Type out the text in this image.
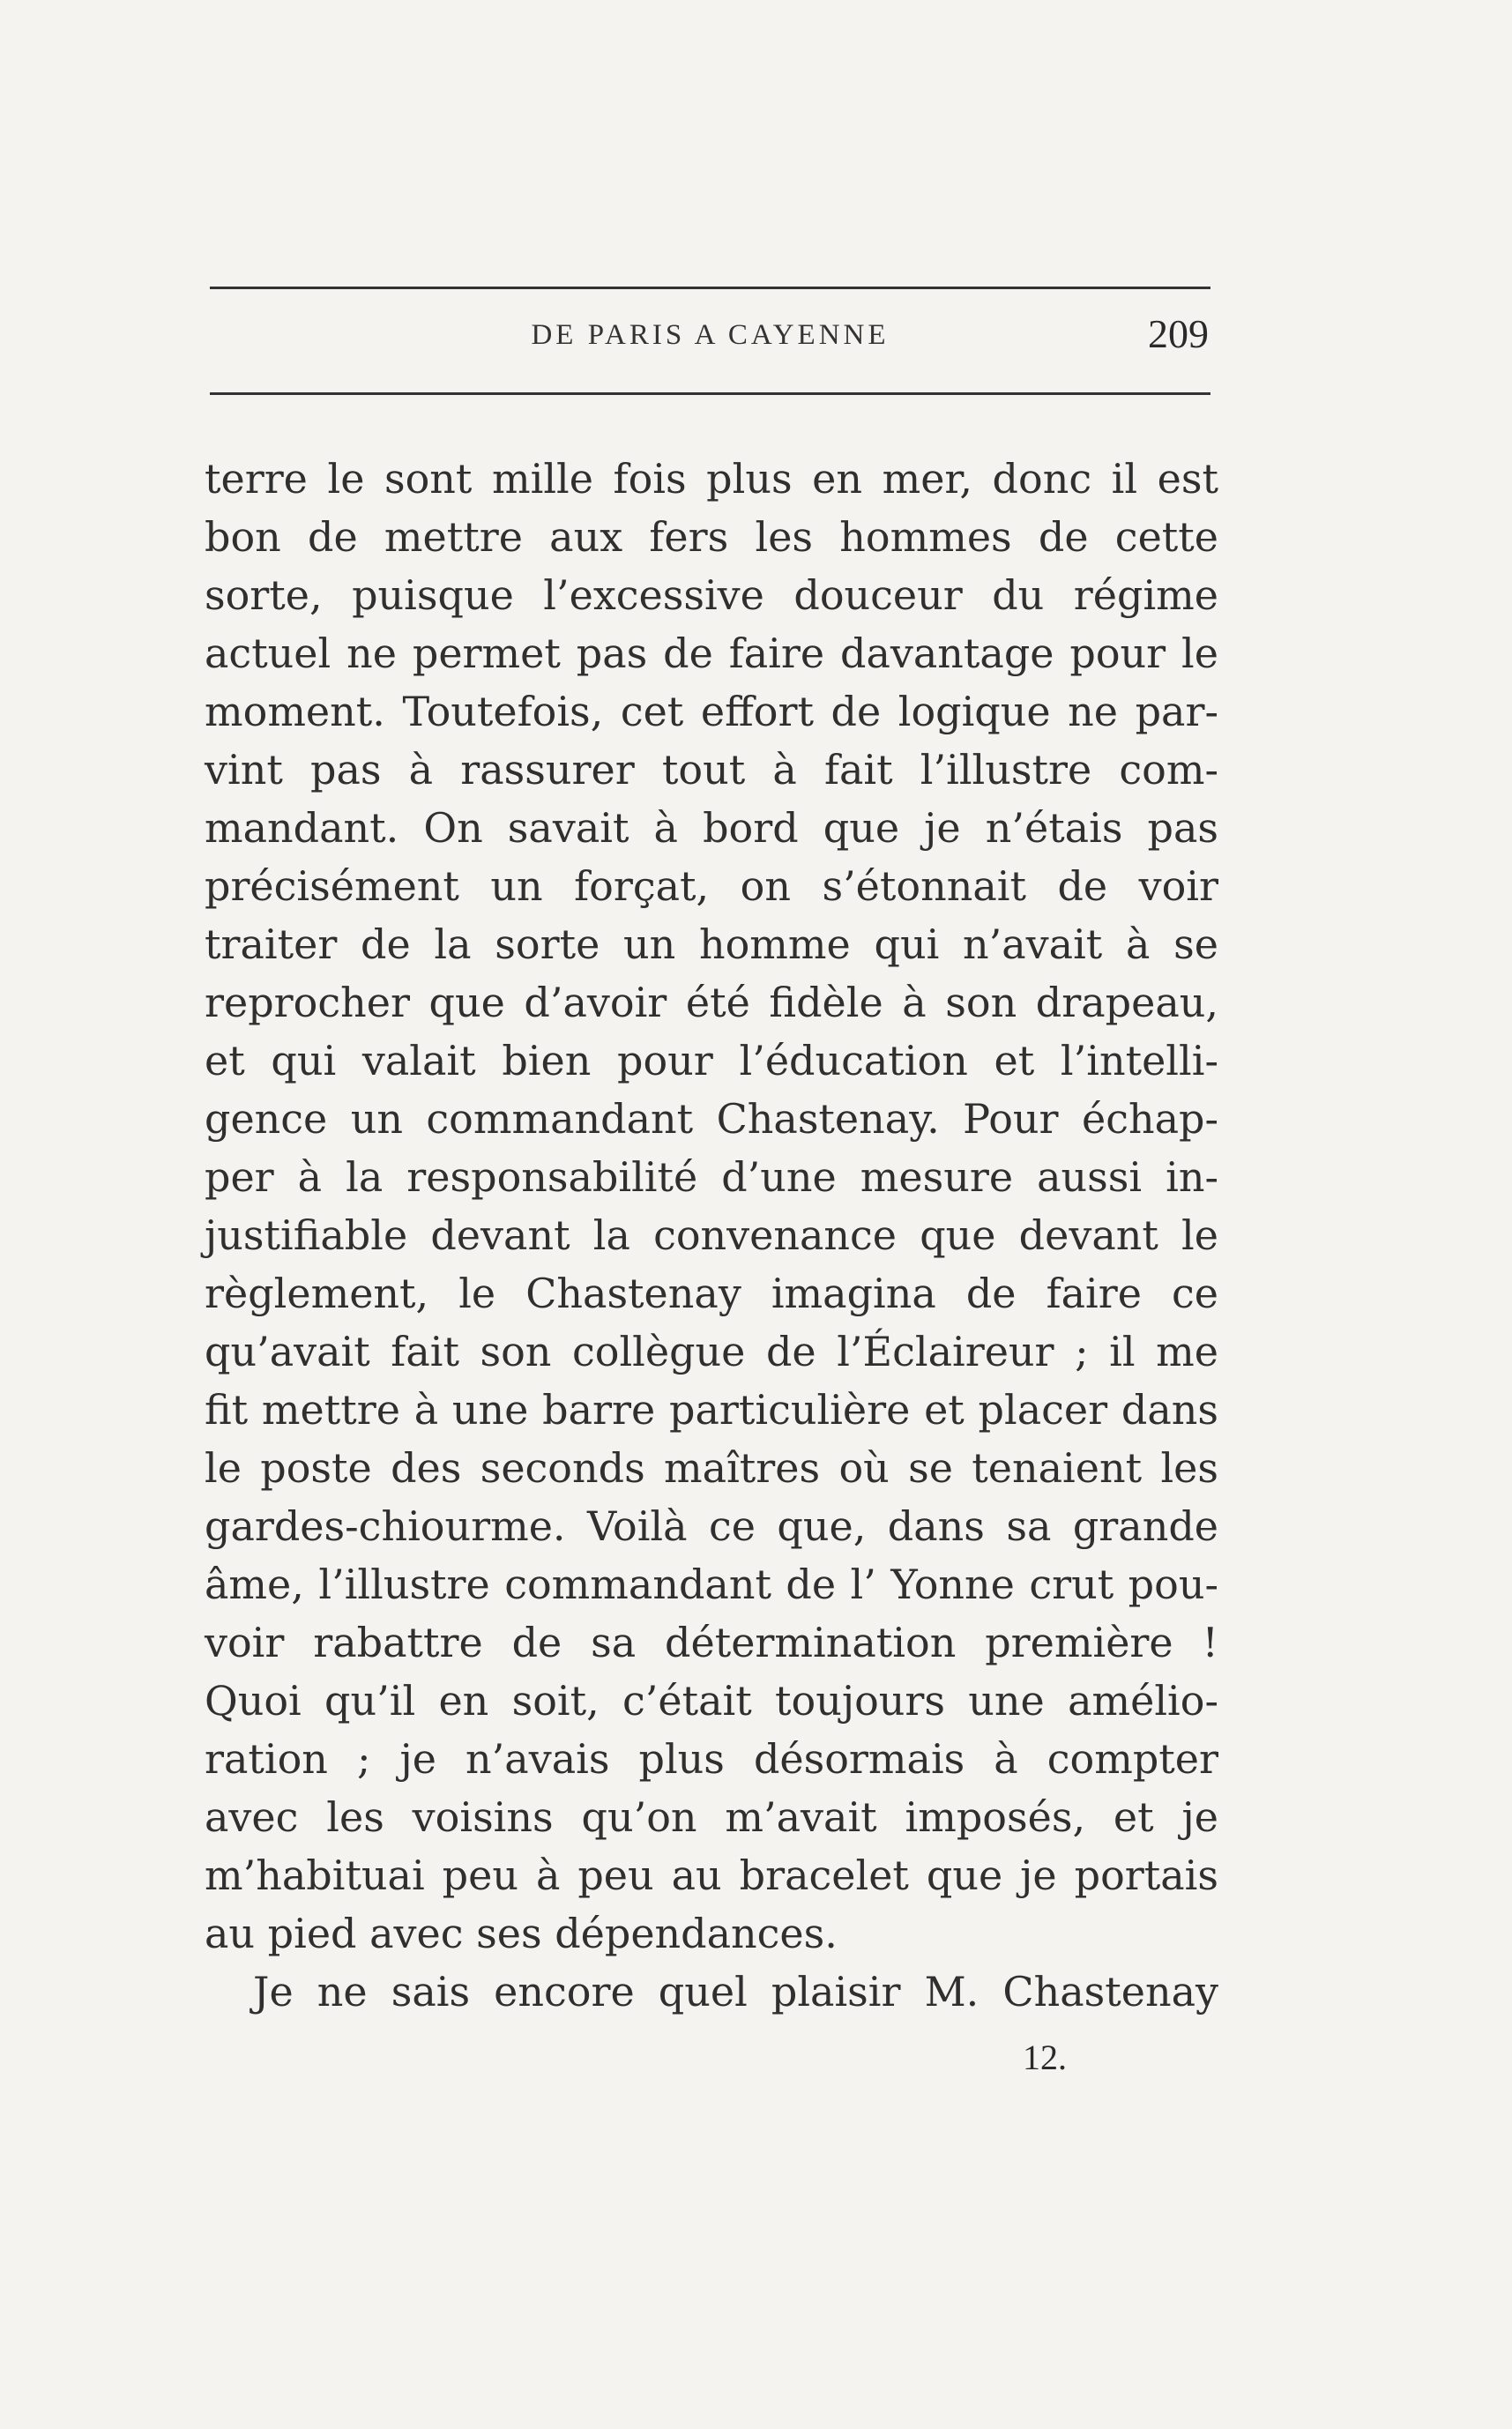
DE PARIS A CAYENNE	209
terre le sont mille fois plus en mer, donc il est
bon de mettre aux fers les hommes de cette
sorte, puisque l’excessive douceur du régime
actuel ne permet pas de faire davantage pour le
moment. Toutefois, cet effort de logique ne par-
vint pas à rassurer tout à fait l’illustre com-
mandant. On savait à bord que je n’étais pas
précisément un forçat, on s’étonnait de voir
traiter de la sorte un homme qui n’avait à se
reprocher que d’avoir été fidèle à son drapeau,
et qui valait bien pour l’éducation et l’intelli-
gence un commandant Chastenay. Pour échap-
per à la responsabilité d’une mesure aussi in-
justifiable devant la convenance que devant le
règlement, le Chastenay imagina de faire ce
qu’avait fait son collègue de l’Éclaireur ; il me
fit mettre à une barre particulière et placer dans
le poste des seconds maîtres où se tenaient les
gardes-chiourme. Voilà ce que, dans sa grande
âme, l’illustre commandant de l’ Yonne crut pou-
voir rabattre de sa détermination première !
Quoi qu’il en soit, c’était toujours une amélio-
ration ; je n’avais plus désormais à compter
avec les voisins qu’on m’avait imposés, et je
m’habituai peu à peu au bracelet que je portais
au pied avec ses dépendances.
Je ne sais encore quel plaisir M. Chastenay
12.
